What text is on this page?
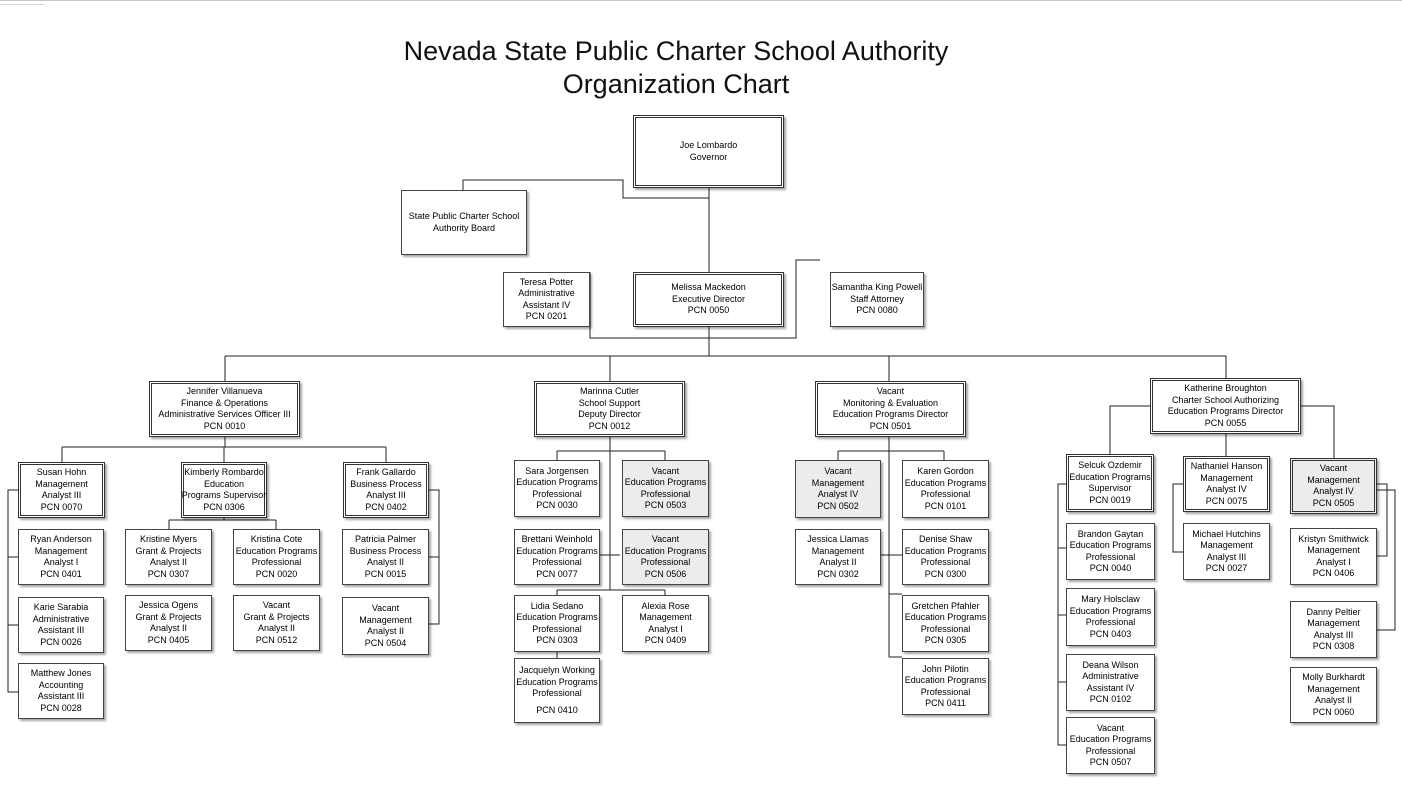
Nevada State Public Charter School Authority
Organization Chart
Joe Lombardo
Governor
State Public Charter School
Authority Board
Teresa Potter
Administrative
Assistant IV
PCN 0201
Melissa Mackedon
Executive Director
PCN 0050
Samantha King Powell
Staff Attorney
PCN 0080
Jennifer Villanueva
Finance & Operations
Administrative Services Officer III
PCN 0010
Marinna Cutler
School Support
Deputy Director
PCN 0012
Vacant
Monitoring & Evaluation
Education Programs Director
PCN 0501
Katherine Broughton
Charter School Authorizing
Education Programs Director
PCN 0055
Susan Hohn
Management
Analyst III
PCN 0070
Kimberly Rombardo
Education
Programs Supervisor
PCN 0306
Frank Gallardo
Business Process
Analyst III
PCN 0402
Ryan Anderson
Management
Analyst I
PCN 0401
Karie Sarabia
Administrative
Assistant III
PCN 0026
Matthew Jones
Accounting
Assistant III
PCN 0028
Kristine Myers
Grant & Projects
Analyst II
PCN 0307
Kristina Cote
Education Programs
Professional
PCN 0020
Jessica Ogens
Grant & Projects
Analyst II
PCN 0405
Vacant
Grant & Projects
Analyst II
PCN 0512
Patricia Palmer
Business Process
Analyst II
PCN 0015
Vacant
Management
Analyst II
PCN 0504
Sara Jorgensen
Education Programs
Professional
PCN 0030
Vacant
Education Programs
Professional
PCN 0503
Brettani Weinhold
Education Programs
Professional
PCN 0077
Vacant
Education Programs
Professional
PCN 0506
Lidia Sedano
Education Programs
Professional
PCN 0303
Alexia Rose
Management
Analyst I
PCN 0409
Jacquelyn Working
Education Programs
Professional
PCN 0410
Vacant
Management
Analyst IV
PCN 0502
Karen Gordon
Education Programs
Professional
PCN 0101
Jessica Llamas
Management
Analyst II
PCN 0302
Denise Shaw
Education Programs
Professional
PCN 0300
Gretchen Pfahler
Education Programs
Professional
PCN 0305
John Pilotin
Education Programs
Professional
PCN 0411
Selcuk Ozdemir
Education Programs
Supervisor
PCN 0019
Nathaniel Hanson
Management
Analyst IV
PCN 0075
Vacant
Management
Analyst IV
PCN 0505
Brandon Gaytan
Education Programs
Professional
PCN 0040
Michael Hutchins
Management
Analyst III
PCN 0027
Kristyn Smithwick
Management
Analyst I
PCN 0406
Mary Holsclaw
Education Programs
Professional
PCN 0403
Danny Peltier
Management
Analyst III
PCN 0308
Deana Wilson
Administrative
Assistant IV
PCN 0102
Molly Burkhardt
Management
Analyst II
PCN 0060
Vacant
Education Programs
Professional
PCN 0507
